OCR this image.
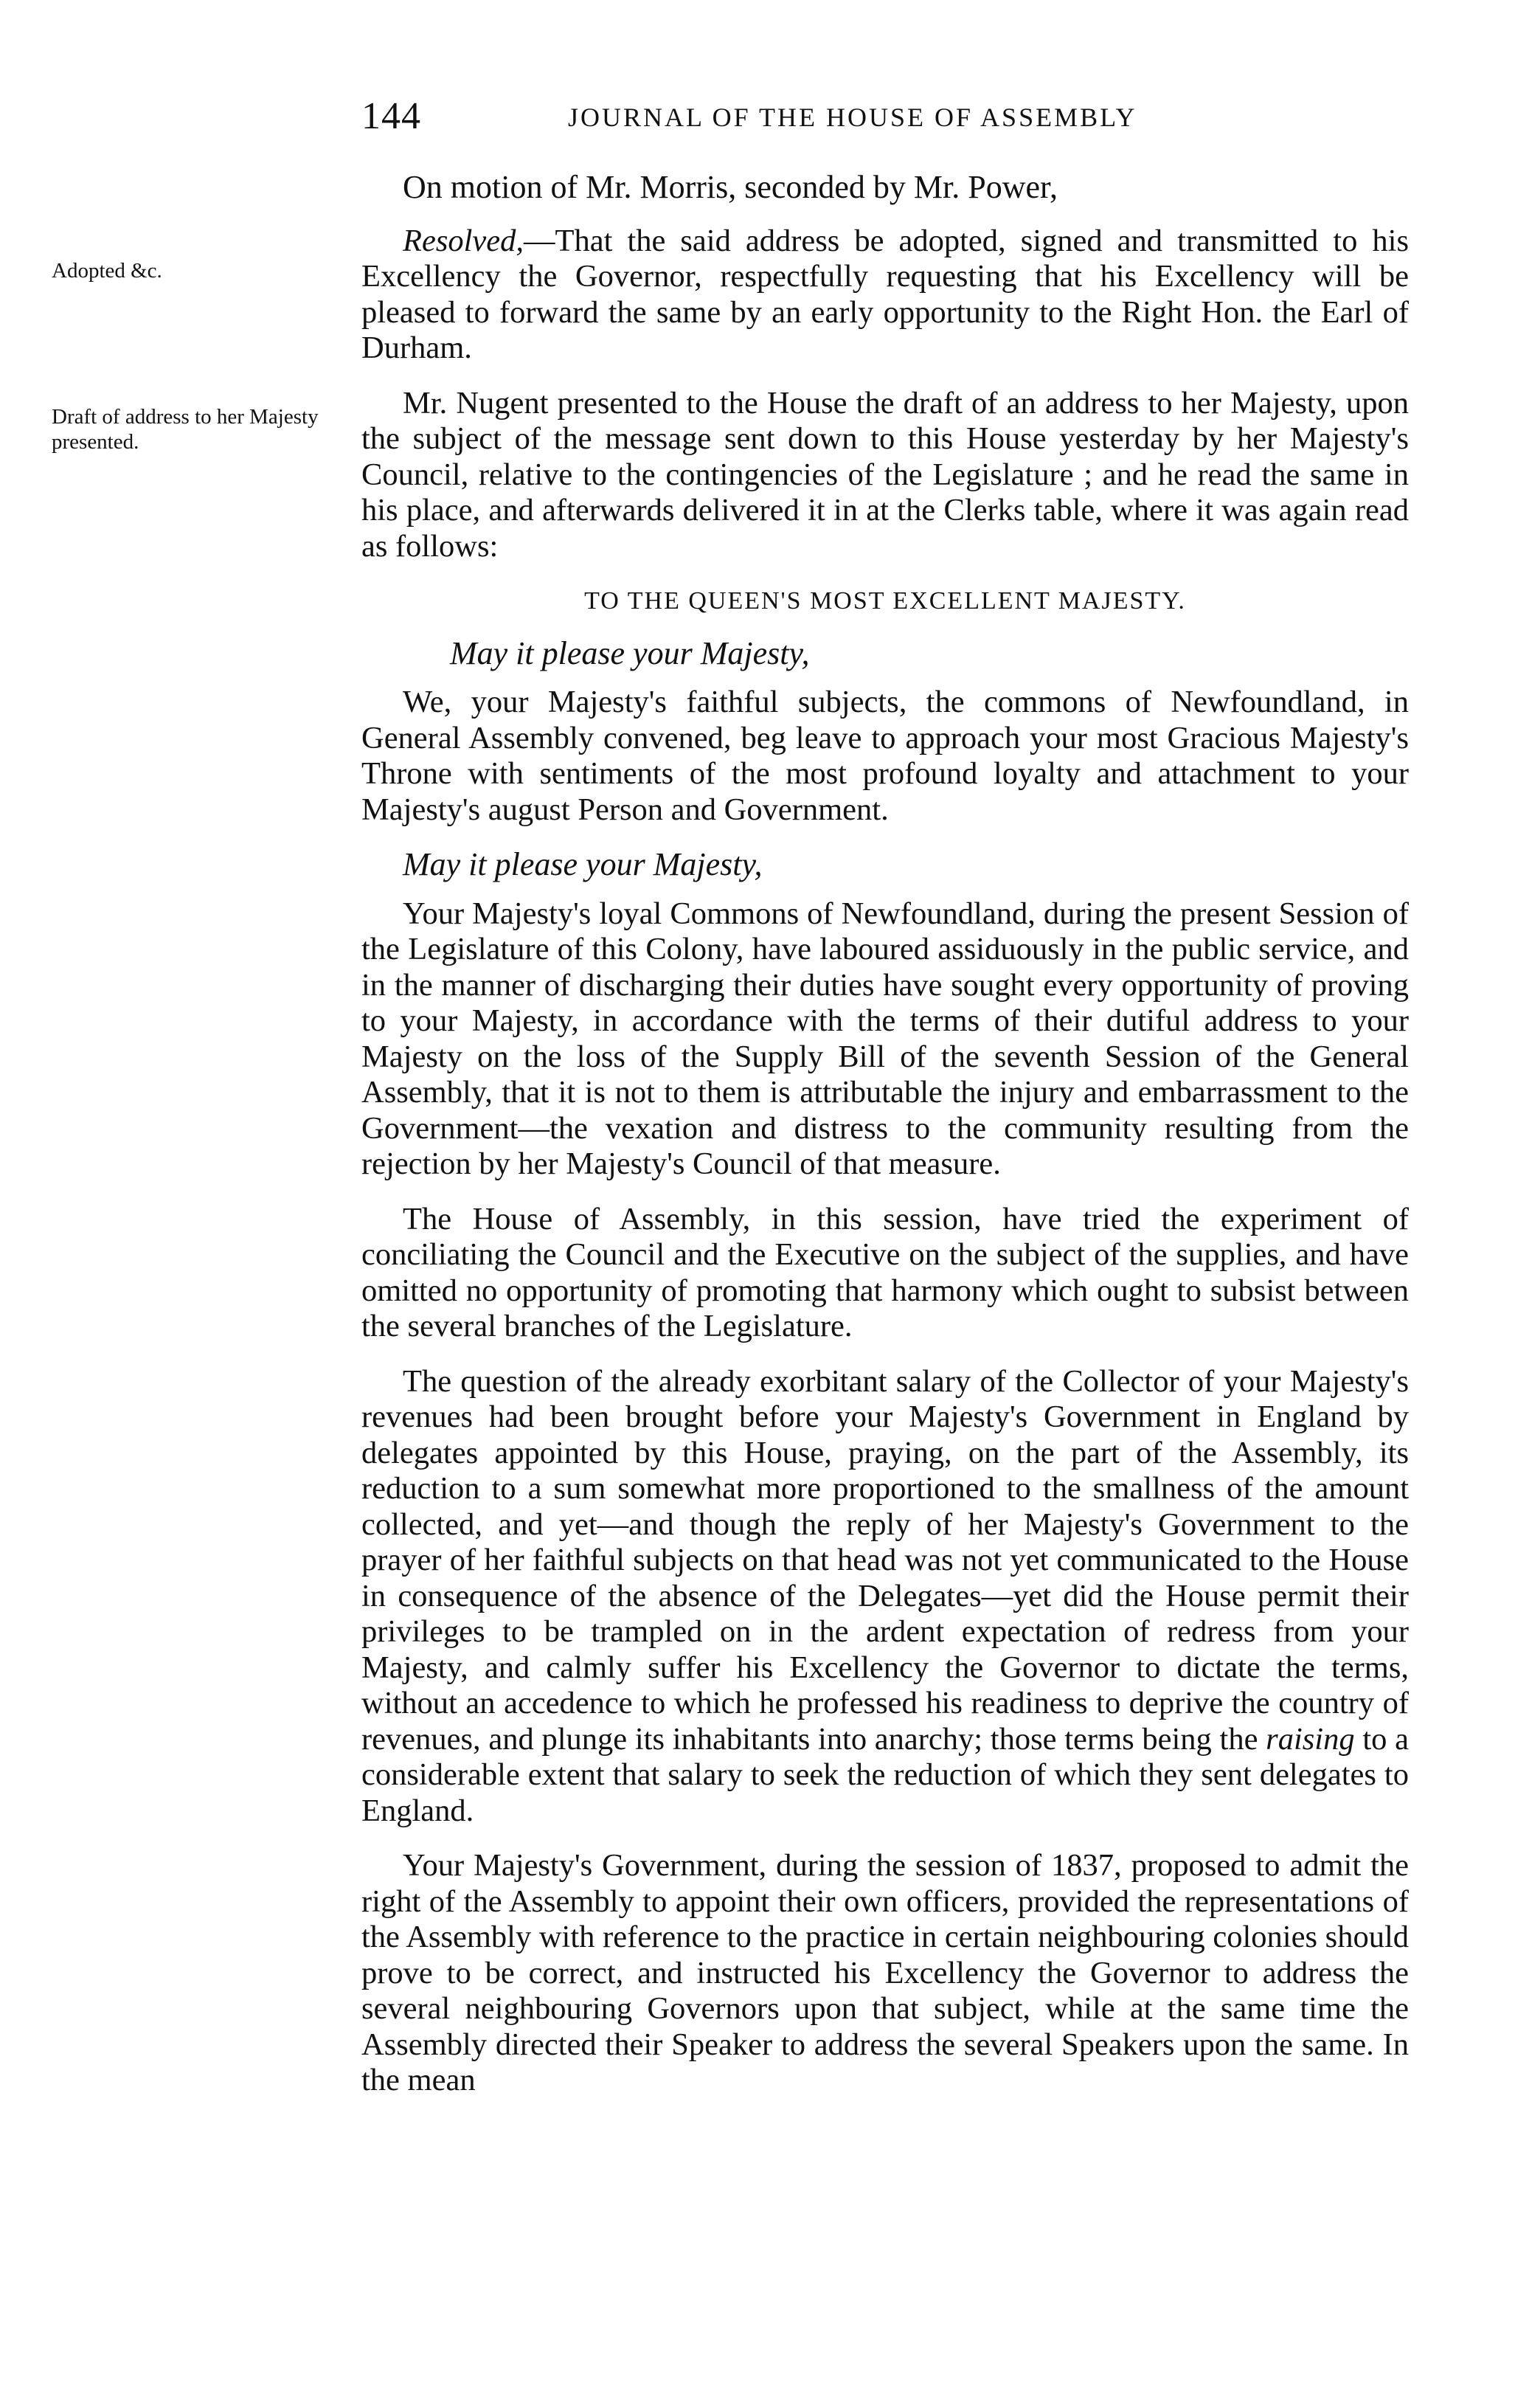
144	JOURNAL OF THE HOUSE OF ASSEMBLY
Adopted &c.
Draft of address to her Majesty presented.

On motion of Mr. Morris, seconded by Mr. Power,

Resolved,—That the said address be adopted, signed and transmitted to his Excellency the Governor, respectfully requesting that his Excellency will be pleased to forward the same by an early opportunity to the Right Hon. the Earl of Durham.

Mr. Nugent presented to the House the draft of an address to her Majesty, upon the subject of the message sent down to this House yesterday by her Majesty's Council, relative to the contingencies of the Legislature ; and he read the same in his place, and afterwards delivered it in at the Clerks table, where it was again read as follows:

TO THE QUEEN'S MOST EXCELLENT MAJESTY.

May it please your Majesty,

We, your Majesty's faithful subjects, the commons of Newfoundland, in General Assembly convened, beg leave to approach your most Gracious Majesty's Throne with sentiments of the most profound loyalty and attachment to your Majesty's august Person and Government.

May it please your Majesty,

Your Majesty's loyal Commons of Newfoundland, during the present Session of the Legislature of this Colony, have laboured assiduously in the public service, and in the manner of discharging their duties have sought every opportunity of proving to your Majesty, in accordance with the terms of their dutiful address to your Majesty on the loss of the Supply Bill of the seventh Session of the General Assembly, that it is not to them is attributable the injury and embarrassment to the Government—the vexation and distress to the community resulting from the rejection by her Majesty's Council of that measure.

The House of Assembly, in this session, have tried the experiment of conciliating the Council and the Executive on the subject of the supplies, and have omitted no opportunity of promoting that harmony which ought to subsist between the several branches of the Legislature.

The question of the already exorbitant salary of the Collector of your Majesty's revenues had been brought before your Majesty's Government in England by delegates appointed by this House, praying, on the part of the Assembly, its reduction to a sum somewhat more proportioned to the smallness of the amount collected, and yet—and though the reply of her Majesty's Government to the prayer of her faithful subjects on that head was not yet communicated to the House in consequence of the absence of the Delegates—yet did the House permit their privileges to be trampled on in the ardent expectation of redress from your Majesty, and calmly suffer his Excellency the Governor to dictate the terms, without an accedence to which he professed his readiness to deprive the country of revenues, and plunge its inhabitants into anarchy; those terms being the raising to a considerable extent that salary to seek the reduction of which they sent delegates to England.

Your Majesty's Government, during the session of 1837, proposed to admit the right of the Assembly to appoint their own officers, provided the representations of the Assembly with reference to the practice in certain neighbouring colonies should prove to be correct, and instructed his Excellency the Governor to address the several neighbouring Governors upon that subject, while at the same time the Assembly directed their Speaker to address the several Speakers upon the same. In the mean
